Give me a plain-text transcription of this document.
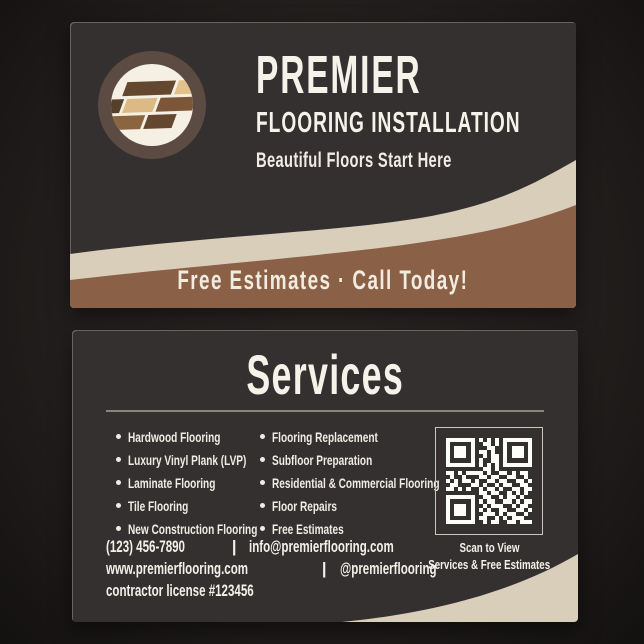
PREMIER
FLOORING INSTALLATION
Beautiful Floors Start Here
Free Estimates · Call Today!
Services
Hardwood Flooring
Luxury Vinyl Plank (LVP)
Laminate Flooring
Tile Flooring
New Construction Flooring
Flooring Replacement
Subfloor Preparation
Residential & Commercial Flooring
Floor Repairs
Free Estimates
Scan to View
Services & Free Estimates
(123) 456-7890	| info@premierflooring.com
www.premierflooring.com	| @premierflooring
contractor license #123456
